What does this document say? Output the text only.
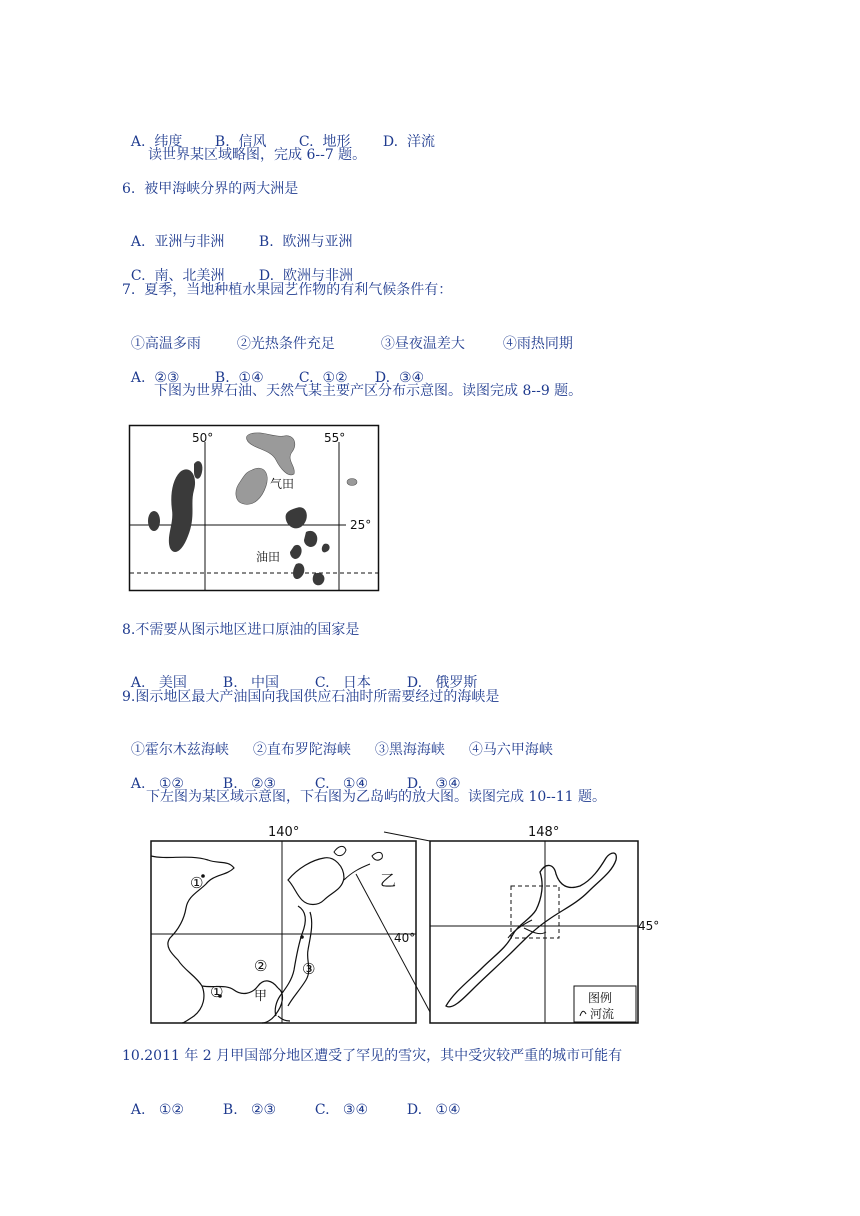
A.  纬度 B.  信风 C.  地形 D.  洋流

读世界某区域略图，完成 6--7 题。
6.  被甲海峡分界的两大洲是

A.  亚洲与非洲 B.  欧洲与亚洲

C.  南、北美洲 D.  欧洲与非洲

7.  夏季，当地种植水果园艺作物的有利气候条件有：

①高温多雨	②光热条件充足	③昼夜温差大	④雨热同期

A.  ②③	B.  ①④	C.  ①② D.  ③④

下图为世界石油、天然气某主要产区分布示意图。读图完成 8--9 题。
50°	55°
25°
气田
油田
8.不需要从图示地区进口原油的国家是

A.   美国	B.   中国	C.   日本	D.   俄罗斯

9.图示地区最大产油国向我国供应石油时所需要经过的海峡是

①霍尔木兹海峡 ②直布罗陀海峡 ③黑海海峡 ④马六甲海峡

A.   ①②	B.   ②③	C.   ①④	D.   ③④

下左图为某区域示意图，下右图为乙岛屿的放大图。读图完成 10--11 题。
140°
40°
乙
甲
①
② ③
①
148°
45°
图例
河流
10.2011 年 2 月甲国部分地区遭受了罕见的雪灾，其中受灾较严重的城市可能有

A.   ①②	B.   ②③	C.   ③④	D.   ①④
